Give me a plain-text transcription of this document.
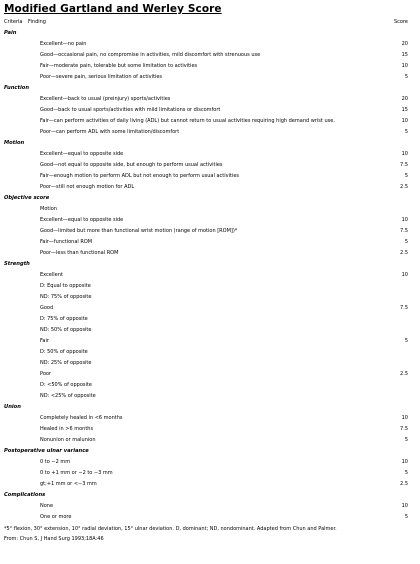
Modified Gartland and Werley Score
Criteria Finding	Score
Pain
Excellent—no pain	20
Good—occasional pain, no compromise in activities, mild discomfort with strenuous use	15
Fair—moderate pain, tolerable but some limitation to activities	10
Poor—severe pain, serious limitation of activities	5
Function
Excellent—back to usual (preinjury) sports/activities	20
Good—back to usual sports/activities with mild limitations or discomfort	15
Fair—can perform activities of daily living (ADL) but cannot return to usual activities requiring high demand wrist use.	10
Poor—can perform ADL with some limitation/discomfort	5
Motion
Excellent—equal to opposite side	10
Good—not equal to opposite side, but enough to perform usual activities	7.5
Fair—enough motion to perform ADL but not enough to perform usual activities	5
Poor—still not enough motion for ADL	2.5
Objective score
Motion
Excellent—equal to opposite side	10
Good—limited but more than functional wrist motion (range of motion [ROM])*	7.5
Fair—functional ROM	5
Poor—less than functional ROM	2.5
Strength
Excellent	10
D: Equal to opposite
ND: 75% of opposite
Good	7.5
D: 75% of opposite
ND: 50% of opposite
Fair	5
D: 50% of opposite
ND: 25% of opposite
Poor	2.5
D: <50% of opposite
ND: <25% of opposite
Union
Completely healed in <6 months	10
Healed in >6 months	7.5
Nonunion or malunion	5
Postoperative ulnar variance
0 to −2 mm	10
0 to +1 mm or −2 to −3 mm	5
gt;+1 mm or <−3 mm	2.5
Complications
None	10
One or more	5
*5° flexion, 30° extension, 10° radial deviation, 15° ulnar deviation. D, dominant; ND, nondominant. Adapted from Chun and Palmer.
From: Chun S, J Hand Surg 1993;18A:46
